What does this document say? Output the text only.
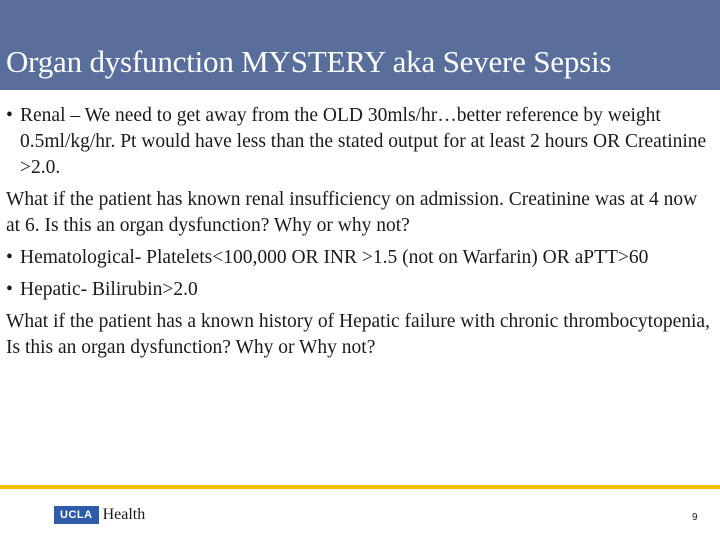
Organ dysfunction MYSTERY aka Severe Sepsis
• Renal – We need to get away from the OLD 30mls/hr…better reference by weight 0.5ml/kg/hr. Pt would have less than the stated output for at least 2 hours OR Creatinine >2.0.
What if the patient has known renal insufficiency on admission. Creatinine was at 4 now at 6. Is this an organ dysfunction? Why or why not?
• Hematological- Platelets<100,000 OR INR >1.5 (not on Warfarin) OR aPTT>60
• Hepatic- Bilirubin>2.0
What if the patient has a known history of Hepatic failure with chronic thrombocytopenia, Is this an organ dysfunction? Why or Why not?
UCLA Health	9
